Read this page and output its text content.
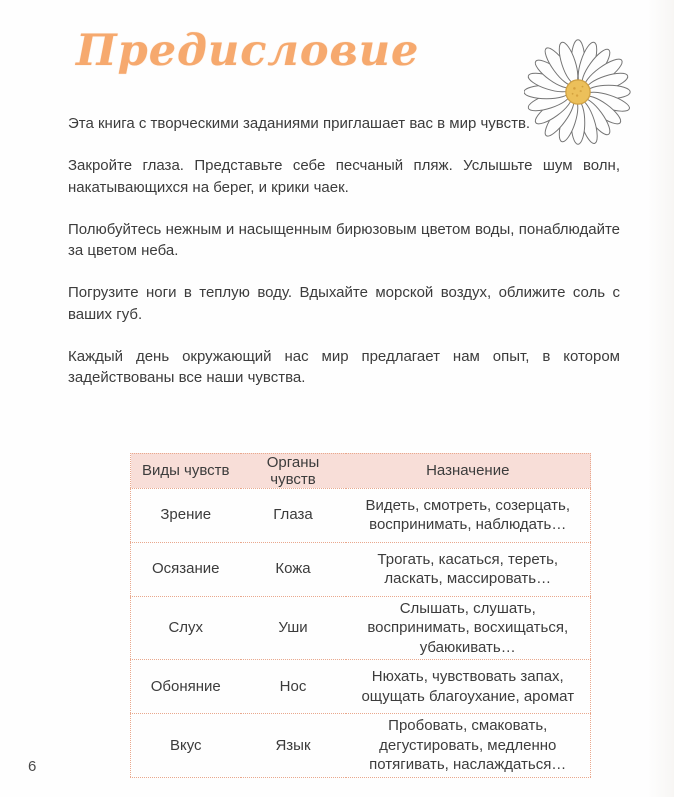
Предисловие

Эта книга с творческими заданиями приглашает вас в мир чувств.

Закройте глаза. Представьте себе песчаный пляж. Услышьте шум волн, накатывающихся на берег, и крики чаек.

Полюбуйтесь нежным и насыщенным бирюзовым цветом воды, понаблюдайте за цветом неба.

Погрузите ноги в теплую воду. Вдыхайте морской воздух, оближите соль с ваших губ.

Каждый день окружающий нас мир предлагает нам опыт, в котором задействованы все наши чувства.

Виды чувств	Органы чувств	Назначение
Зрение	Глаза	Видеть, смотреть, созерцать, воспринимать, наблюдать…
Осязание	Кожа	Трогать, касаться, тереть, ласкать, массировать…
Слух	Уши	Слышать, слушать, воспринимать, восхищаться, убаюкивать…
Обоняние	Нос	Нюхать, чувствовать запах, ощущать благоухание, аромат
Вкус	Язык	Пробовать, смаковать, дегустировать, медленно потягивать, наслаждаться…
6
